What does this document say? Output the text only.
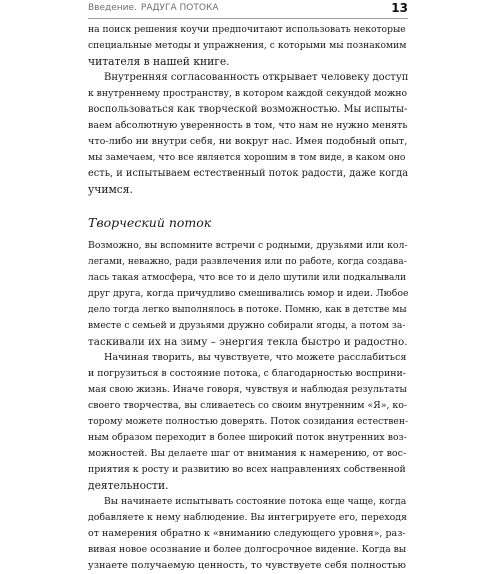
Введение. РАДУГА ПОТОКА	13
на поиск решения коучи предпочитают использовать некоторые
специальные методы и упражнения, с которыми мы познакомим
читателя в нашей книге.
Внутренняя согласованность открывает человеку доступ
к внутреннему пространству, в котором каждой секундой можно
воспользоваться как творческой возможностью. Мы испыты-
ваем абсолютную уверенность в том, что нам не нужно менять
что-либо ни внутри себя, ни вокруг нас. Имея подобный опыт,
мы замечаем, что все является хорошим в том виде, в каком оно
есть, и испытываем естественный поток радости, даже когда
учимся.
Творческий поток
Возможно, вы вспомните встречи с родными, друзьями или кол-
легами, неважно, ради развлечения или по работе, когда создава-
лась такая атмосфера, что все то и дело шутили или подкалывали
друг друга, когда причудливо смешивались юмор и идеи. Любое
дело тогда легко выполнялось в потоке. Помню, как в детстве мы
вместе с семьей и друзьями дружно собирали ягоды, а потом за-
таскивали их на зиму – энергия текла быстро и радостно.
Начиная творить, вы чувствуете, что можете расслабиться
и погрузиться в состояние потока, с благодарностью восприни-
мая свою жизнь. Иначе говоря, чувствуя и наблюдая результаты
своего творчества, вы сливаетесь со своим внутренним «Я», ко-
торому можете полностью доверять. Поток созидания естествен-
ным образом переходит в более широкий поток внутренних воз-
можностей. Вы делаете шаг от внимания к намерению, от вос-
приятия к росту и развитию во всех направлениях собственной
деятельности.
Вы начинаете испытывать состояние потока еще чаще, когда
добавляете к нему наблюдение. Вы интегрируете его, переходя
от намерения обратно к «вниманию следующего уровня», раз-
вивая новое осознание и более долгосрочное видение. Когда вы
узнаете получаемую ценность, то чувствуете себя полностью
